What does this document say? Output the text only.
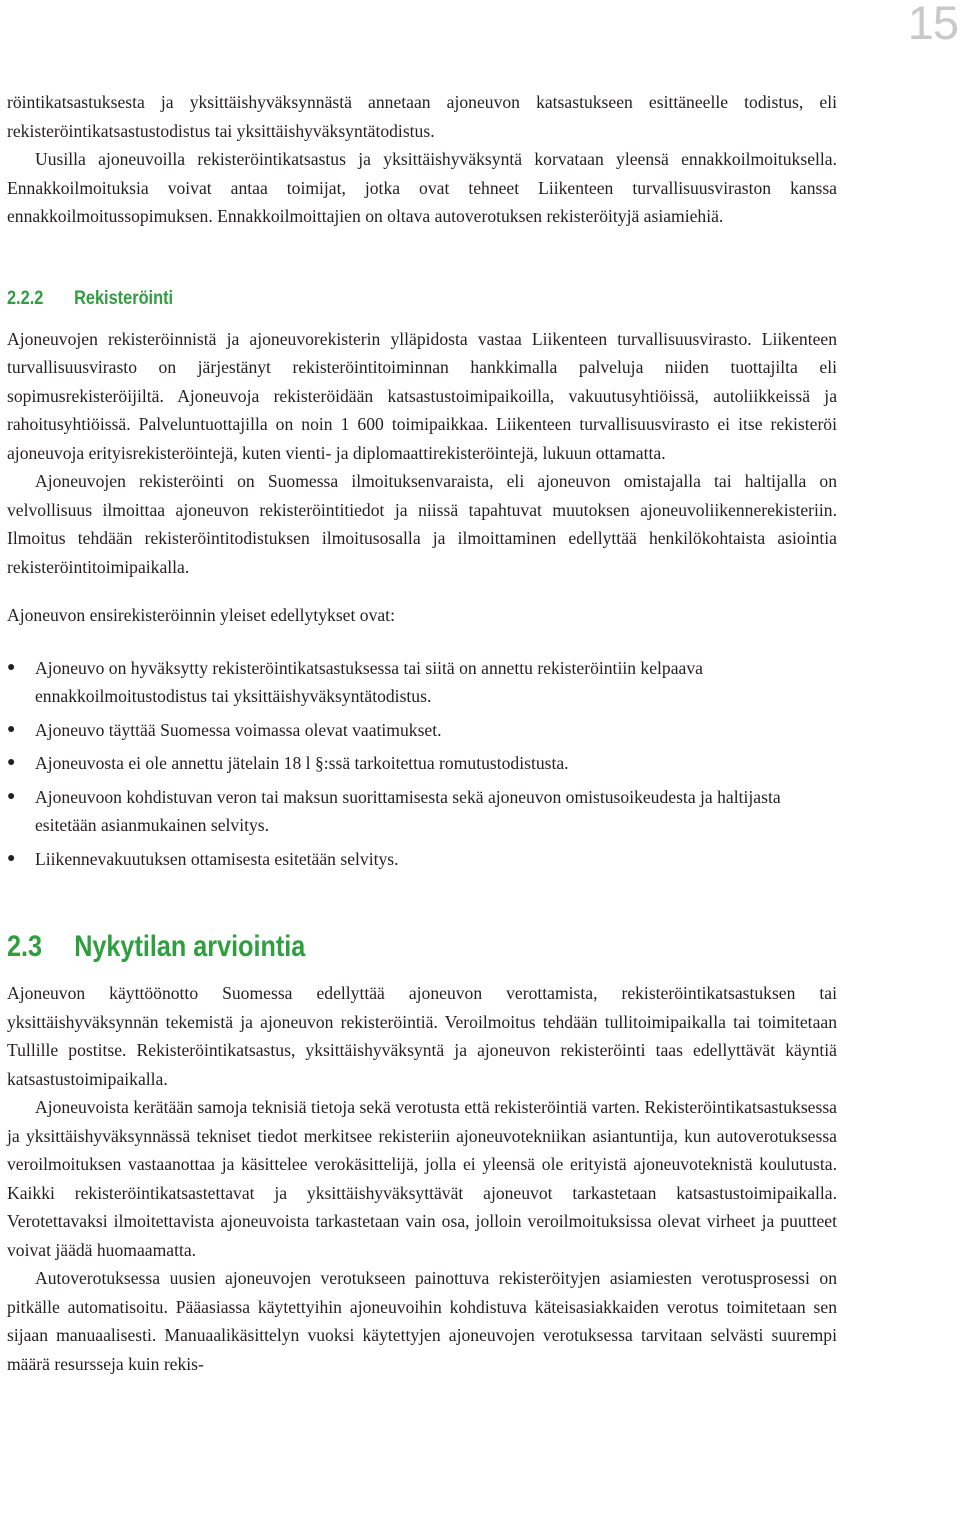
15

röintikatsastuksesta ja yksittäishyväksynnästä annetaan ajoneuvon katsastukseen esittäneelle todistus, eli rekisteröintikatsastustodistus tai yksittäishyväksyntätodistus.

Uusilla ajoneuvoilla rekisteröintikatsastus ja yksittäishyväksyntä korvataan yleensä ennakkoilmoituksella. Ennakkoilmoituksia voivat antaa toimijat, jotka ovat tehneet Liikenteen turvallisuusviraston kanssa ennakkoilmoitussopimuksen. Ennakkoilmoittajien on oltava autoverotuksen rekisteröityjä asiamiehiä.

2.2.2 Rekisteröinti

Ajoneuvojen rekisteröinnistä ja ajoneuvorekisterin ylläpidosta vastaa Liikenteen turvallisuusvirasto. Liikenteen turvallisuusvirasto on järjestänyt rekisteröintitoiminnan hankkimalla palveluja niiden tuottajilta eli sopimusrekisteröijiltä. Ajoneuvoja rekisteröidään katsastustoimipaikoilla, vakuutusyhtiöissä, autoliikkeissä ja rahoitusyhtiöissä. Palveluntuottajilla on noin 1 600 toimipaikkaa. Liikenteen turvallisuusvirasto ei itse rekisteröi ajoneuvoja erityisrekisteröintejä, kuten vienti- ja diplomaattirekisteröintejä, lukuun ottamatta.

Ajoneuvojen rekisteröinti on Suomessa ilmoituksenvaraista, eli ajoneuvon omistajalla tai haltijalla on velvollisuus ilmoittaa ajoneuvon rekisteröintitiedot ja niissä tapahtuvat muutoksen ajoneuvoliikennerekisteriin. Ilmoitus tehdään rekisteröintitodistuksen ilmoitusosalla ja ilmoittaminen edellyttää henkilökohtaista asiointia rekisteröintitoimipaikalla.

Ajoneuvon ensirekisteröinnin yleiset edellytykset ovat:

● Ajoneuvo on hyväksytty rekisteröintikatsastuksessa tai siitä on annettu rekisteröintiin kelpaava ennakkoilmoitustodistus tai yksittäishyväksyntätodistus.
● Ajoneuvo täyttää Suomessa voimassa olevat vaatimukset.
● Ajoneuvosta ei ole annettu jätelain 18 l §:ssä tarkoitettua romutustodistusta.
● Ajoneuvoon kohdistuvan veron tai maksun suorittamisesta sekä ajoneuvon omistusoikeudesta ja haltijasta esitetään asianmukainen selvitys.
● Liikennevakuutuksen ottamisesta esitetään selvitys.
2.3 Nykytilan arviointia

Ajoneuvon käyttöönotto Suomessa edellyttää ajoneuvon verottamista, rekisteröintikatsastuksen tai yksittäishyväksynnän tekemistä ja ajoneuvon rekisteröintiä. Veroilmoitus tehdään tullitoimipaikalla tai toimitetaan Tullille postitse. Rekisteröintikatsastus, yksittäishyväksyntä ja ajoneuvon rekisteröinti taas edellyttävät käyntiä katsastustoimipaikalla.

Ajoneuvoista kerätään samoja teknisiä tietoja sekä verotusta että rekisteröintiä varten. Rekisteröintikatsastuksessa ja yksittäishyväksynnässä tekniset tiedot merkitsee rekisteriin ajoneuvotekniikan asiantuntija, kun autoverotuksessa veroilmoituksen vastaanottaa ja käsittelee verokäsittelijä, jolla ei yleensä ole erityistä ajoneuvoteknistä koulutusta. Kaikki rekisteröintikatsastettavat ja yksittäishyväksyttävät ajoneuvot tarkastetaan katsastustoimipaikalla. Verotettavaksi ilmoitettavista ajoneuvoista tarkastetaan vain osa, jolloin veroilmoituksissa olevat virheet ja puutteet voivat jäädä huomaamatta.

Autoverotuksessa uusien ajoneuvojen verotukseen painottuva rekisteröityjen asiamiesten verotusprosessi on pitkälle automatisoitu. Pääasiassa käytettyihin ajoneuvoihin kohdistuva käteisasiakkaiden verotus toimitetaan sen sijaan manuaalisesti. Manuaalikäsittelyn vuoksi käytettyjen ajoneuvojen verotuksessa tarvitaan selvästi suurempi määrä resursseja kuin rekis-
